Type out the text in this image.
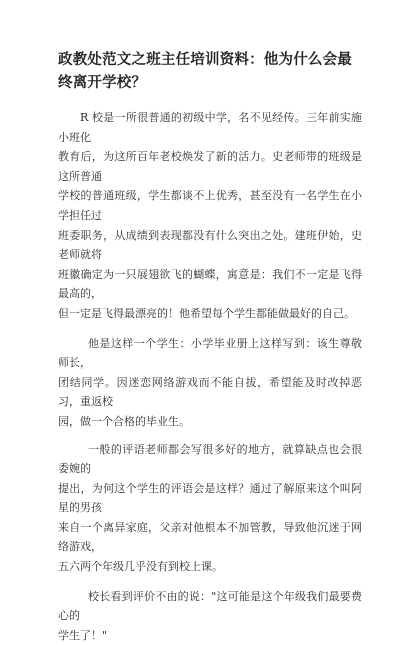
政教处范文之班主任培训资料：他为什么会最终离开学校？

R 校是一所很普通的初级中学，名不见经传。三年前实施小班化
教育后，为这所百年老校焕发了新的活力。史老师带的班级是这所普通
学校的普通班级，学生都谈不上优秀，甚至没有一名学生在小学担任过
班委职务，从成绩到表现都没有什么突出之处。建班伊始，史老师就将
班徽确定为一只展翅欲飞的蝴蝶，寓意是：我们不一定是飞得最高的，
但一定是飞得最漂亮的！他希望每个学生都能做最好的自己。

他是这样一个学生：小学毕业册上这样写到：该生尊敬师长，
团结同学。因迷恋网络游戏而不能自拔，希望能及时改掉恶习，重返校
园，做一个合格的毕业生。

一般的评语老师都会写很多好的地方，就算缺点也会很委婉的
提出，为何这个学生的评语会是这样？通过了解原来这个叫阿星的男孩
来自一个离异家庭，父亲对他根本不加管教，导致他沉迷于网络游戏，
五六两个年级几乎没有到校上课。

校长看到评价不由的说："这可能是这个年级我们最要费心的
学生了！"
